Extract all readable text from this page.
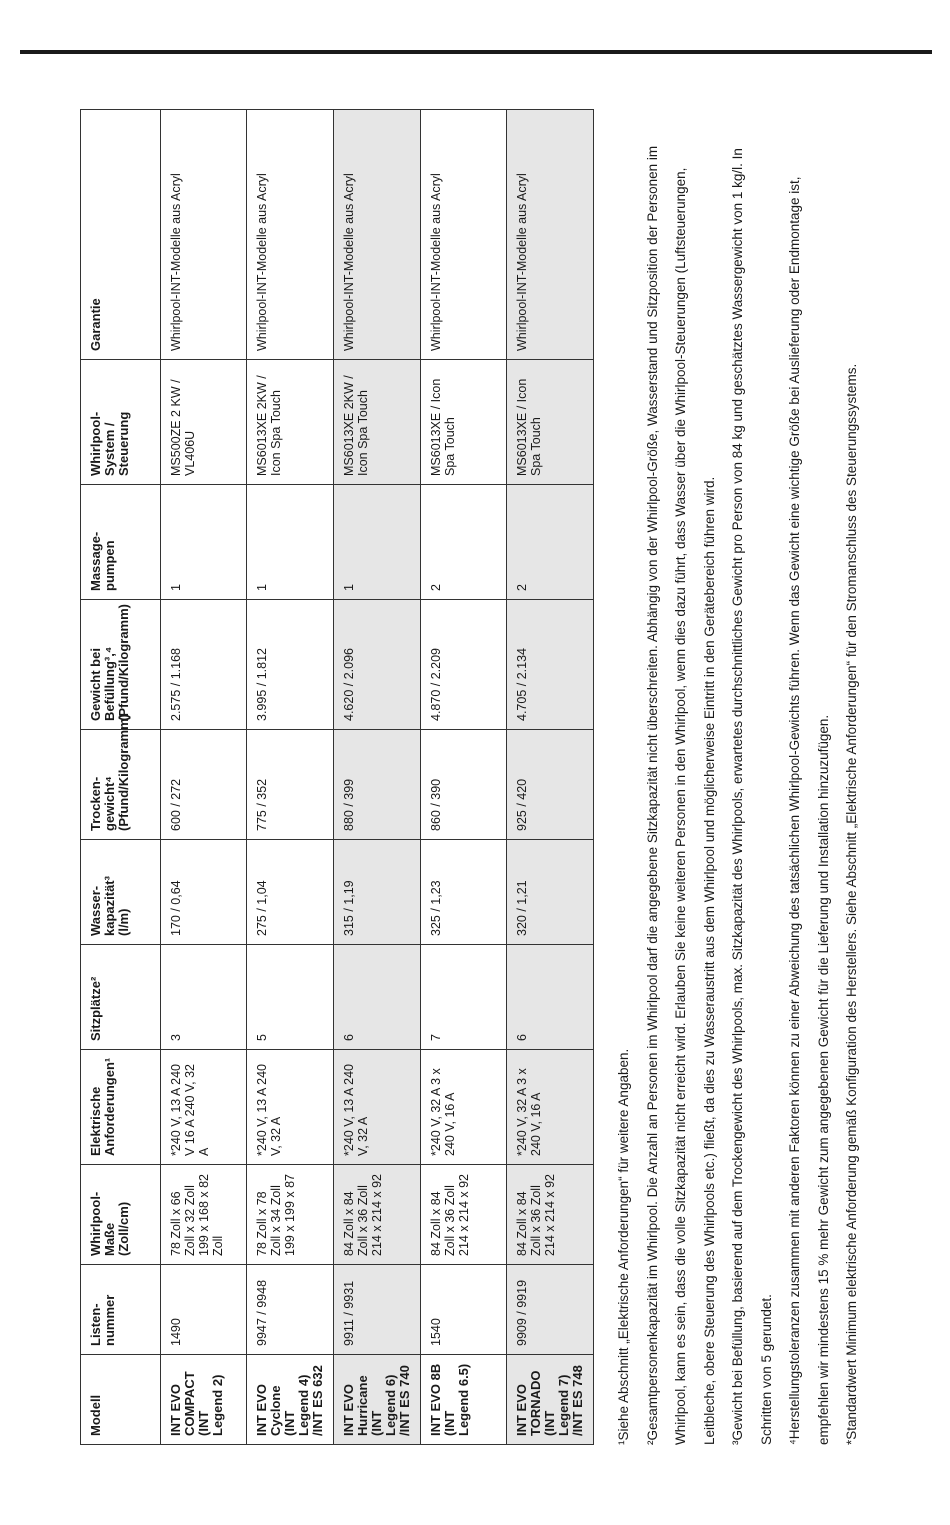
Modell	Listen-nummer	Whirlpool-Maße (Zoll/cm)	Elektrische Anforderungen¹	Sitzplätze²	Wasser-kapazität³ (l/m)	Trocken-gewicht⁴ (Pfund/Kilogramm)	Gewicht bei Befüllung³,⁴ (Pfund/Kilogramm)	Massage-pumpen	Whirlpool-System / Steuerung	Garantie
INT EVO COMPACT (INT Legend 2)	1490	78 Zoll x 66 Zoll x 32 Zoll 199 x 168 x 82 Zoll	*240 V, 13 A 240 V 16 A 240 V, 32 A	3	170 / 0,64	600 / 272	2.575 / 1.168	1	MS500ZE 2 KW / VL406U	Whirlpool-INT-Modelle aus Acryl
INT EVO Cyclone (INT Legend 4) /INT ES 632	9947 / 9948	78 Zoll x 78 Zoll x 34 Zoll 199 x 199 x 87	*240 V, 13 A 240 V, 32 A	5	275 / 1,04	775 / 352	3.995 / 1.812	1	MS6013XE 2KW / Icon Spa Touch	Whirlpool-INT-Modelle aus Acryl
INT EVO Hurricane (INT Legend 6) /INT ES 740	9911 / 9931	84 Zoll x 84 Zoll x 36 Zoll 214 x 214 x 92	*240 V, 13 A 240 V, 32 A	6	315 / 1,19	880 / 399	4.620 / 2.096	1	MS6013XE 2KW / Icon Spa Touch	Whirlpool-INT-Modelle aus Acryl
INT EVO 8B (INT Legend 6.5)	1540	84 Zoll x 84 Zoll x 36 Zoll 214 x 214 x 92	*240 V, 32 A 3 x 240 V, 16 A	7	325 / 1,23	860 / 390	4.870 / 2.209	2	MS6013XE / Icon Spa Touch	Whirlpool-INT-Modelle aus Acryl
INT EVO TORNADO (INT Legend 7) /INT ES 748	9909 / 9919	84 Zoll x 84 Zoll x 36 Zoll 214 x 214 x 92	*240 V, 32 A 3 x 240 V, 16 A	6	320 / 1,21	925 / 420	4.705 / 2.134	2	MS6013XE / Icon Spa Touch	Whirlpool-INT-Modelle aus Acryl

¹Siehe Abschnitt „Elektrische Anforderungen“ für weitere Angaben.	²Gesamtpersonenkapazität im Whirlpool. Die Anzahl an Personen im Whirlpool darf die angegebene Sitzkapazität nicht überschreiten. Abhängig von der Whirlpool-Größe, Wasserstand und Sitzposition der Personen im Whirlpool, kann es sein, dass die volle Sitzkapazität nicht erreicht wird. Erlauben Sie keine weiteren Personen in den Whirlpool, wenn dies dazu führt, dass Wasser über die Whirlpool-Steuerungen (Luftsteuerungen, Leitbleche, obere Steuerung des Whirlpools etc.) fließt, da dies zu Wasseraustritt aus dem Whirlpool und möglicherweise Eintritt in den Gerätebereich führen wird.	³Gewicht bei Befüllung, basierend auf dem Trockengewicht des Whirlpools, max. Sitzkapazität des Whirlpools, erwartetes durchschnittliches Gewicht pro Person von 84 kg und geschätztes Wassergewicht von 1 kg/l. In Schritten von 5 gerundet.	⁴Herstellungstoleranzen zusammen mit anderen Faktoren können zu einer Abweichung des tatsächlichen Whirlpool-Gewichts führen. Wenn das Gewicht eine wichtige Größe bei Auslieferung oder Endmontage ist, empfehlen wir mindestens 15 % mehr Gewicht zum angegebenen Gewicht für die Lieferung und Installation hinzuzufügen.	*Standardwert Minimum elektrische Anforderung gemäß Konfiguration des Herstellers. Siehe Abschnitt „Elektrische Anforderungen“ für den Stromanschluss des Steuerungssystems.
